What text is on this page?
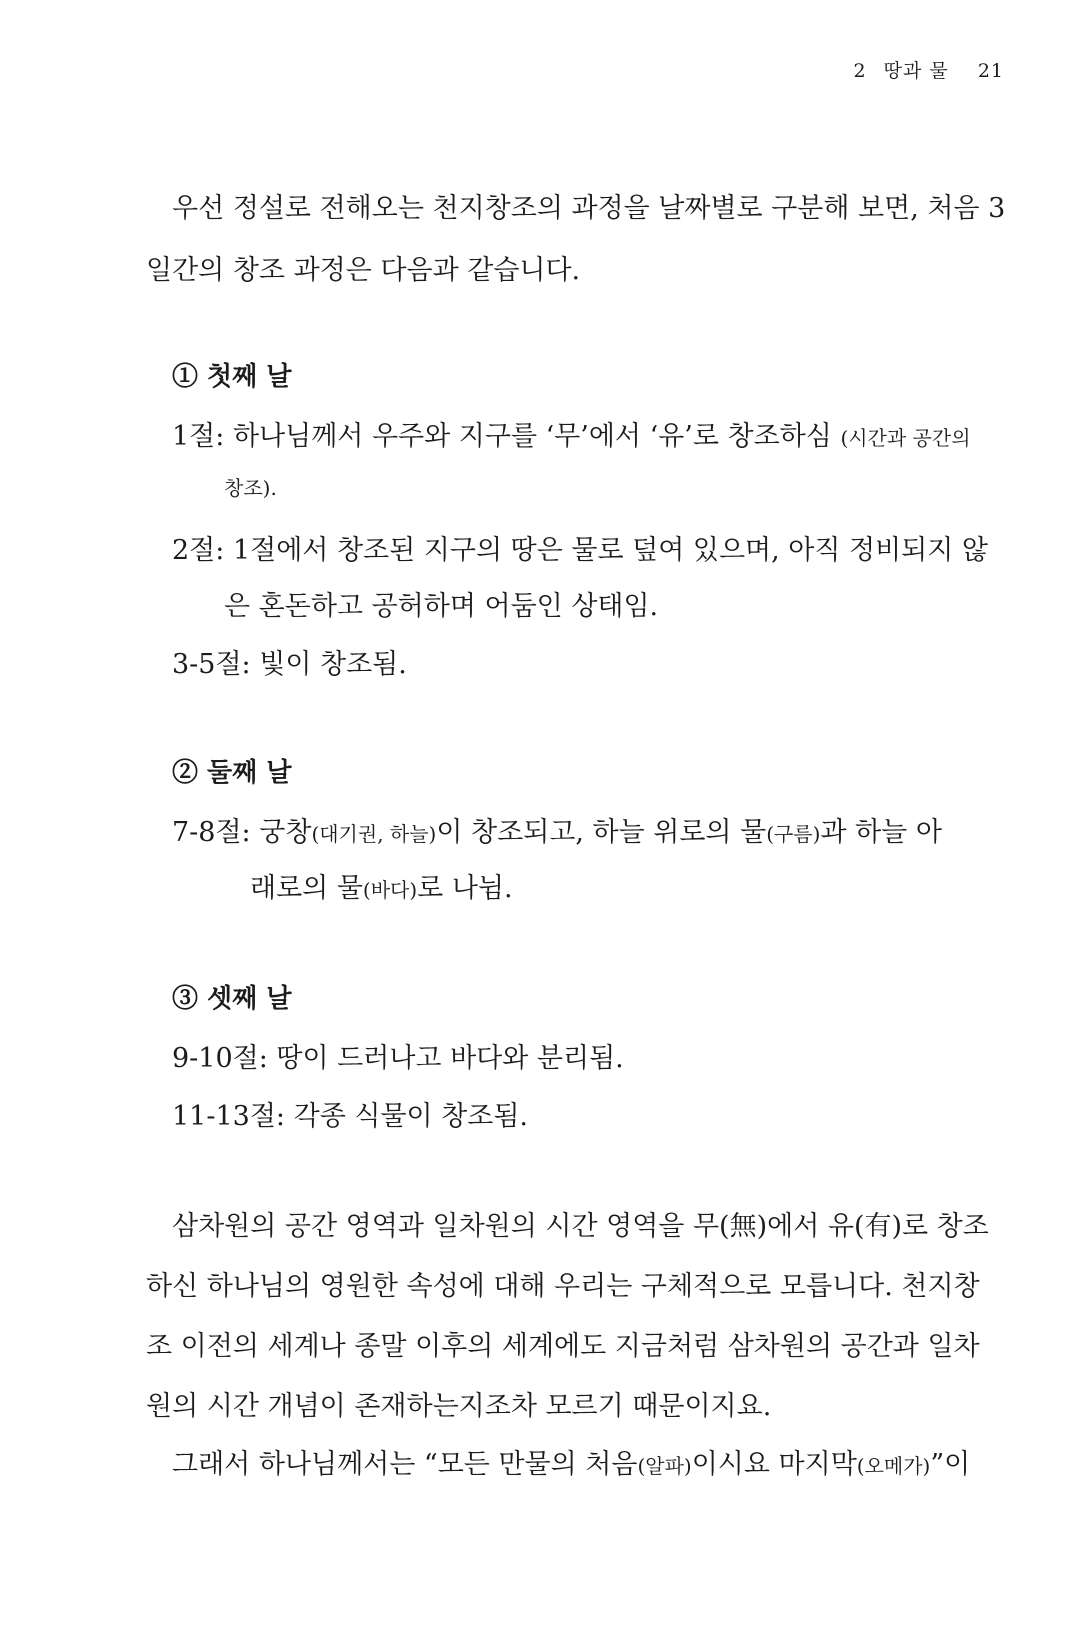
2 땅과 물 21

우선 정설로 전해오는 천지창조의 과정을 날짜별로 구분해 보면, 처음 3

일간의 창조 과정은 다음과 같습니다.

① 첫째 날

1절: 하나님께서 우주와 지구를 ‘무’에서 ‘유’로 창조하심 (시간과 공간의

창조).

2절: 1절에서 창조된 지구의 땅은 물로 덮여 있으며, 아직 정비되지 않

은 혼돈하고 공허하며 어둠인 상태임.

3-5절: 빛이 창조됨.

② 둘째 날

7-8절: 궁창(대기권, 하늘)이 창조되고, 하늘 위로의 물(구름)과 하늘 아

래로의 물(바다)로 나뉨.

③ 셋째 날

9-10절: 땅이 드러나고 바다와 분리됨.

11-13절: 각종 식물이 창조됨.

삼차원의 공간 영역과 일차원의 시간 영역을 무(無)에서 유(有)로 창조

하신 하나님의 영원한 속성에 대해 우리는 구체적으로 모릅니다. 천지창

조 이전의 세계나 종말 이후의 세계에도 지금처럼 삼차원의 공간과 일차

원의 시간 개념이 존재하는지조차 모르기 때문이지요.

그래서 하나님께서는 “모든 만물의 처음(알파)이시요 마지막(오메가)”이
